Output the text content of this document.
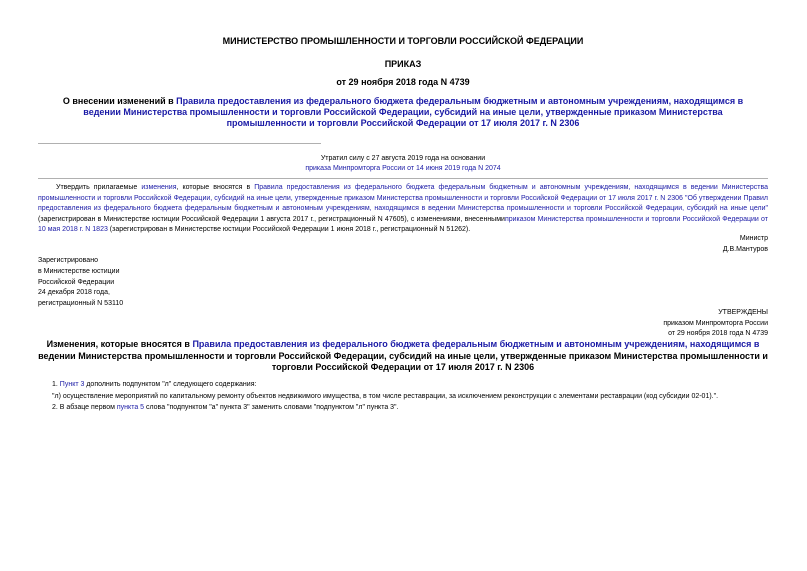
МИНИСТЕРСТВО ПРОМЫШЛЕННОСТИ И ТОРГОВЛИ РОССИЙСКОЙ ФЕДЕРАЦИИ
ПРИКАЗ
от 29 ноября 2018 года N 4739
О внесении изменений в Правила предоставления из федерального бюджета федеральным бюджетным и автономным учреждениям, находящимся в ведении Министерства промышленности и торговли Российской Федерации, субсидий на иные цели, утвержденные приказом Министерства промышленности и торговли Российской Федерации от 17 июля 2017 г. N 2306
Утратил силу с 27 августа 2019 года на основании
приказа Минпромторга России от 14 июня 2019 года N 2074
Утвердить прилагаемые изменения, которые вносятся в Правила предоставления из федерального бюджета федеральным бюджетным и автономным учреждениям, находящимся в ведении Министерства промышленности и торговли Российской Федерации, субсидий на иные цели, утвержденные приказом Министерства промышленности и торговли Российской Федерации от 17 июля 2017 г. N 2306 "Об утверждении Правил предоставления из федерального бюджета федеральным бюджетным и автономным учреждениям, находящимся в ведении Министерства промышленности и торговли Российской Федерации, субсидий на иные цели" (зарегистрирован в Министерстве юстиции Российской Федерации 1 августа 2017 г., регистрационный N 47605), с изменениями, внесеннымиприказом Министерства промышленности и торговли Российской Федерации от 10 мая 2018 г. N 1823 (зарегистрирован в Министерстве юстиции Российской Федерации 1 июня 2018 г., регистрационный N 51262).
Министр
Д.В.Мантуров
Зарегистрировано
в Министерстве юстиции
Российской Федерации
24 декабря 2018 года,
регистрационный N 53110
УТВЕРЖДЕНЫ
приказом Минпромторга России
от 29 ноября 2018 года N 4739
Изменения, которые вносятся в Правила предоставления из федерального бюджета федеральным бюджетным и автономным учреждениям, находящимся в ведении Министерства промышленности и торговли Российской Федерации, субсидий на иные цели, утвержденные приказом Министерства промышленности и торговли Российской Федерации от 17 июля 2017 г. N 2306

1. Пункт 3 дополнить подпунктом "л" следующего содержания:

"л) осуществление мероприятий по капитальному ремонту объектов недвижимого имущества, в том числе реставрации, за исключением реконструкции с элементами реставрации (код субсидии 02-01).".

2. В абзаце первом пункта 5 слова "подпунктом "а" пункта 3" заменить словами "подпунктом "л" пункта 3".
